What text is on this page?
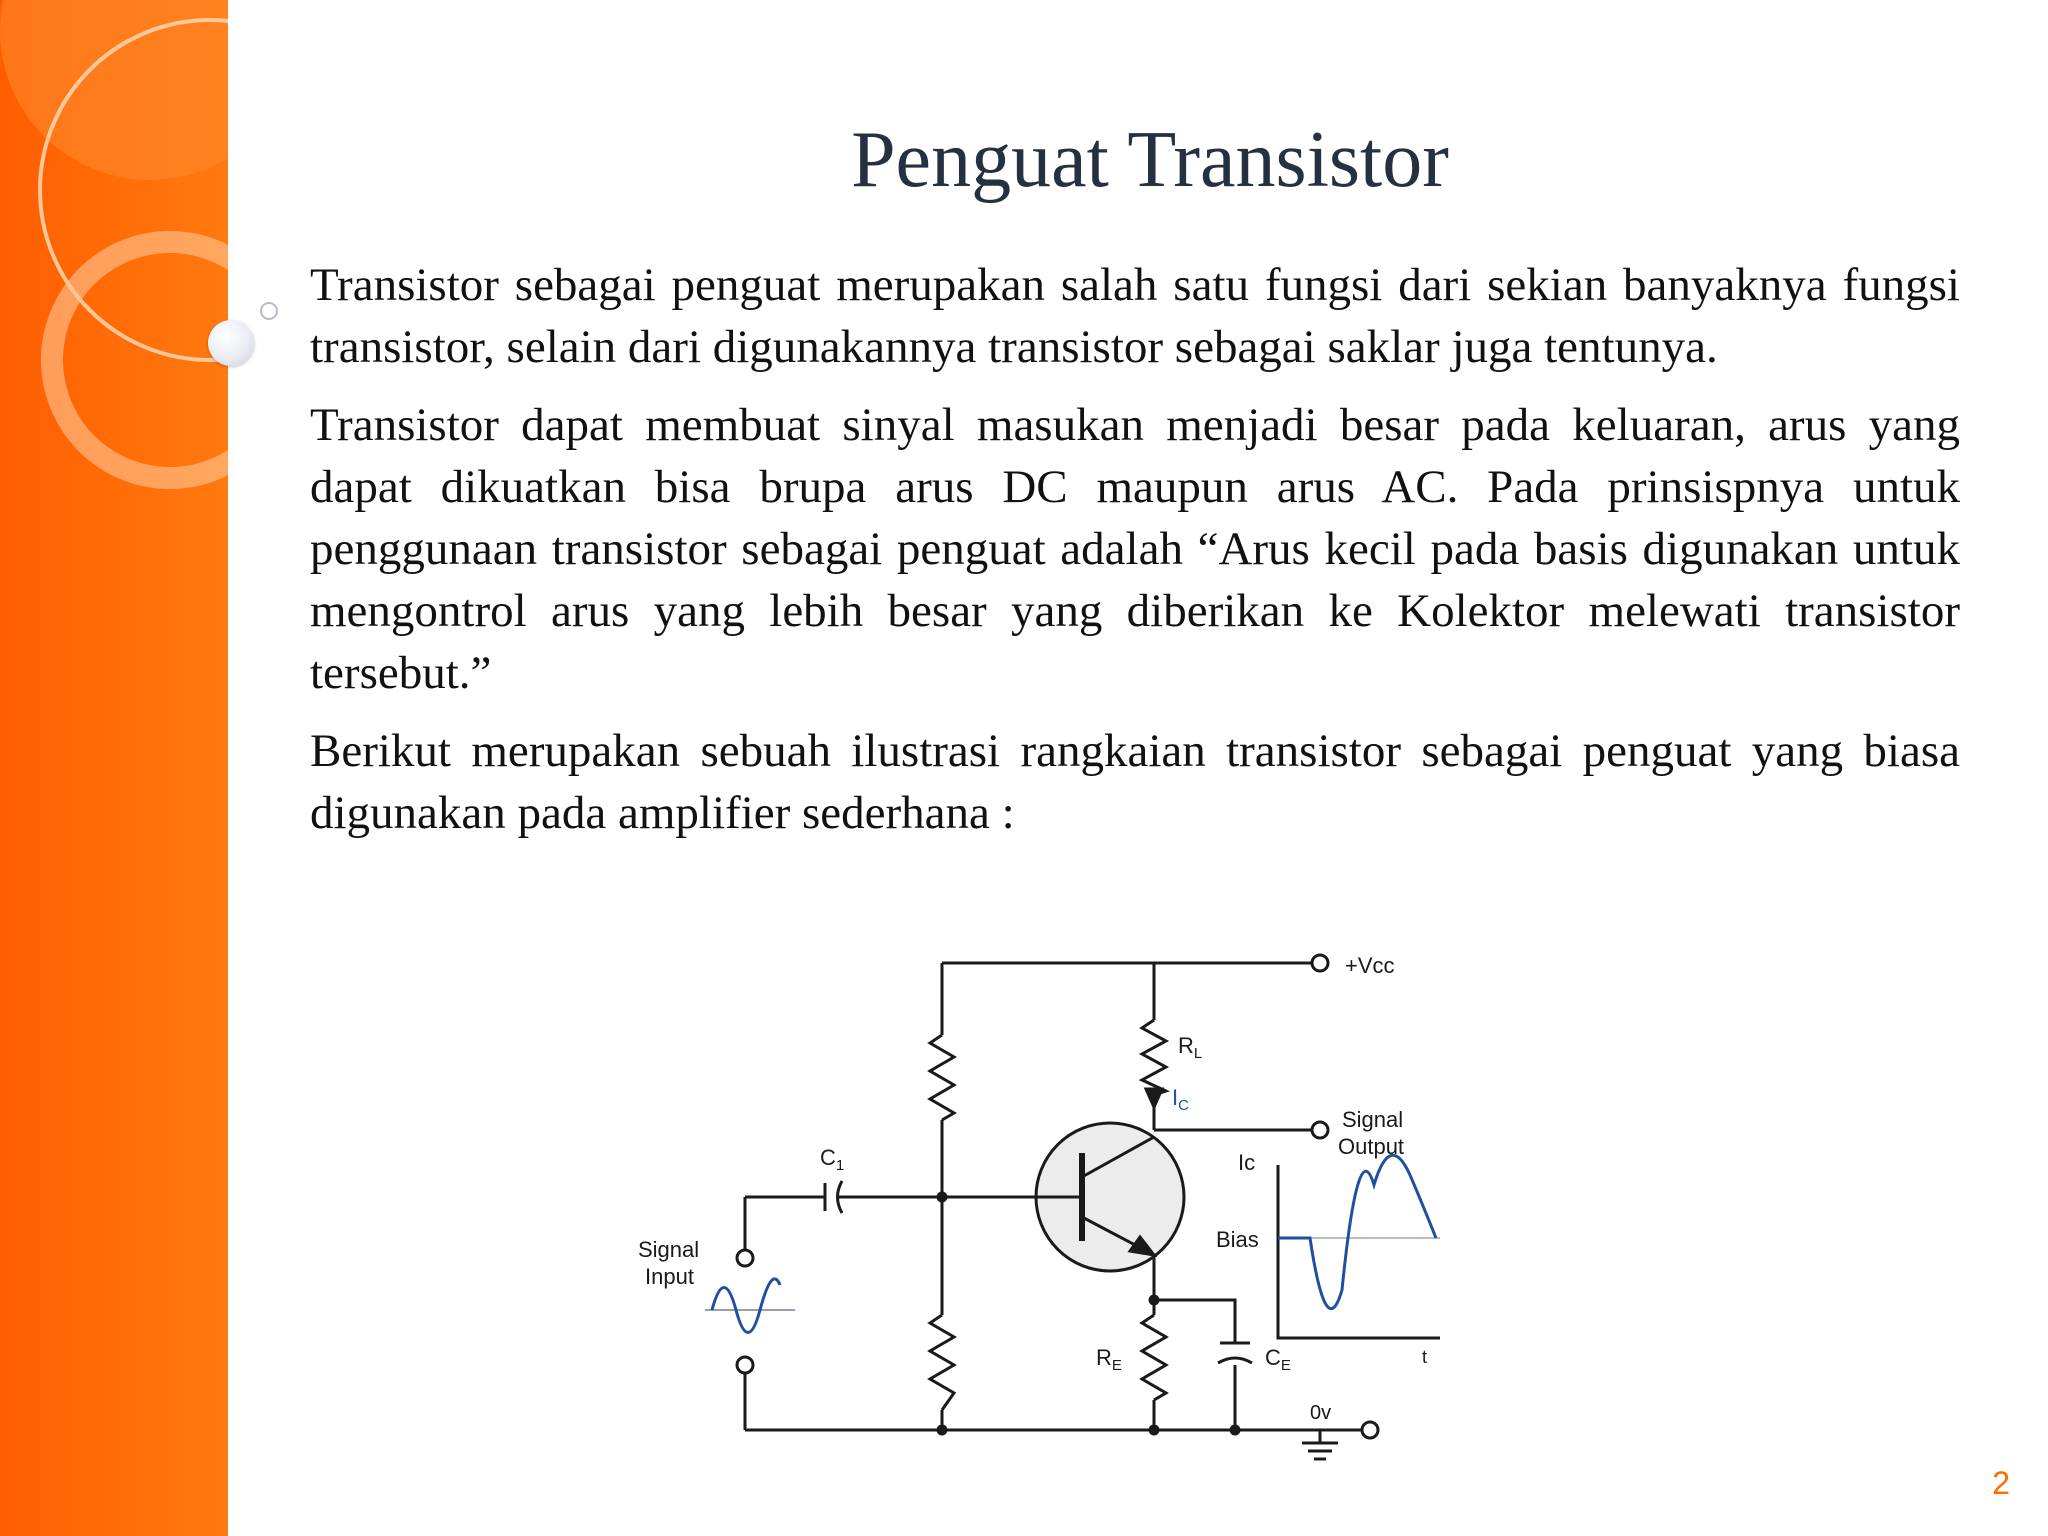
Penguat Transistor

Transistor sebagai penguat merupakan salah satu fungsi dari sekian banyaknya fungsi transistor, selain dari digunakannya transistor sebagai saklar juga tentunya.

Transistor dapat membuat sinyal masukan menjadi besar pada keluaran, arus yang dapat dikuatkan bisa brupa arus DC maupun arus AC. Pada prinsispnya untuk penggunaan transistor sebagai penguat adalah “Arus kecil pada basis digunakan untuk mengontrol arus yang lebih besar yang diberikan ke Kolektor melewati transistor tersebut.”

Berikut merupakan sebuah ilustrasi rangkaian transistor sebagai penguat yang biasa digunakan pada amplifier sederhana :

+Vcc
$R_L$
$I_C$
Signal
Output
$C_1$
Signal
Input
$R_E$	$C_E$
0v
Ic
Bias
t
2
